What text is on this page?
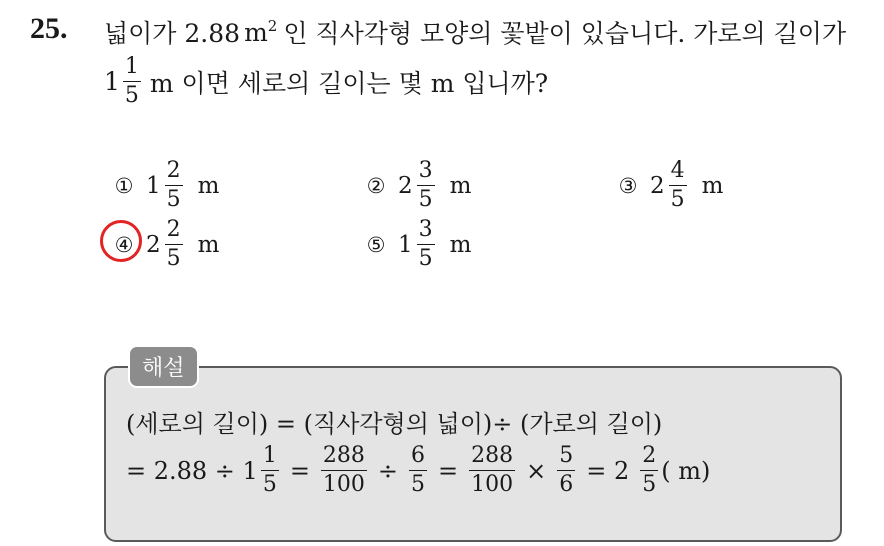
25. 넓이가 2.88 $m^2$ 인 직사각형 모양의 꽃밭이 있습니다. 가로의 길이가
$1 \frac{1}{5}$ m 이면 세로의 길이는 몇 m 입니까?
① $1 \frac{2}{5}$ m	② $2 \frac{3}{5}$ m	③ $2 \frac{4}{5}$ m
④ $2 \frac{2}{5}$ m	⑤ $1 \frac{3}{5}$ m
해설
(세로의 길이) = (직사각형의 넓이)÷ (가로의 길이)
= $2.88 \div 1 \frac{1}{5} = \frac{288}{100} \div \frac{6}{5} = \frac{288}{100} \times \frac{5}{6} = 2 \frac{2}{5}$ ( m)
